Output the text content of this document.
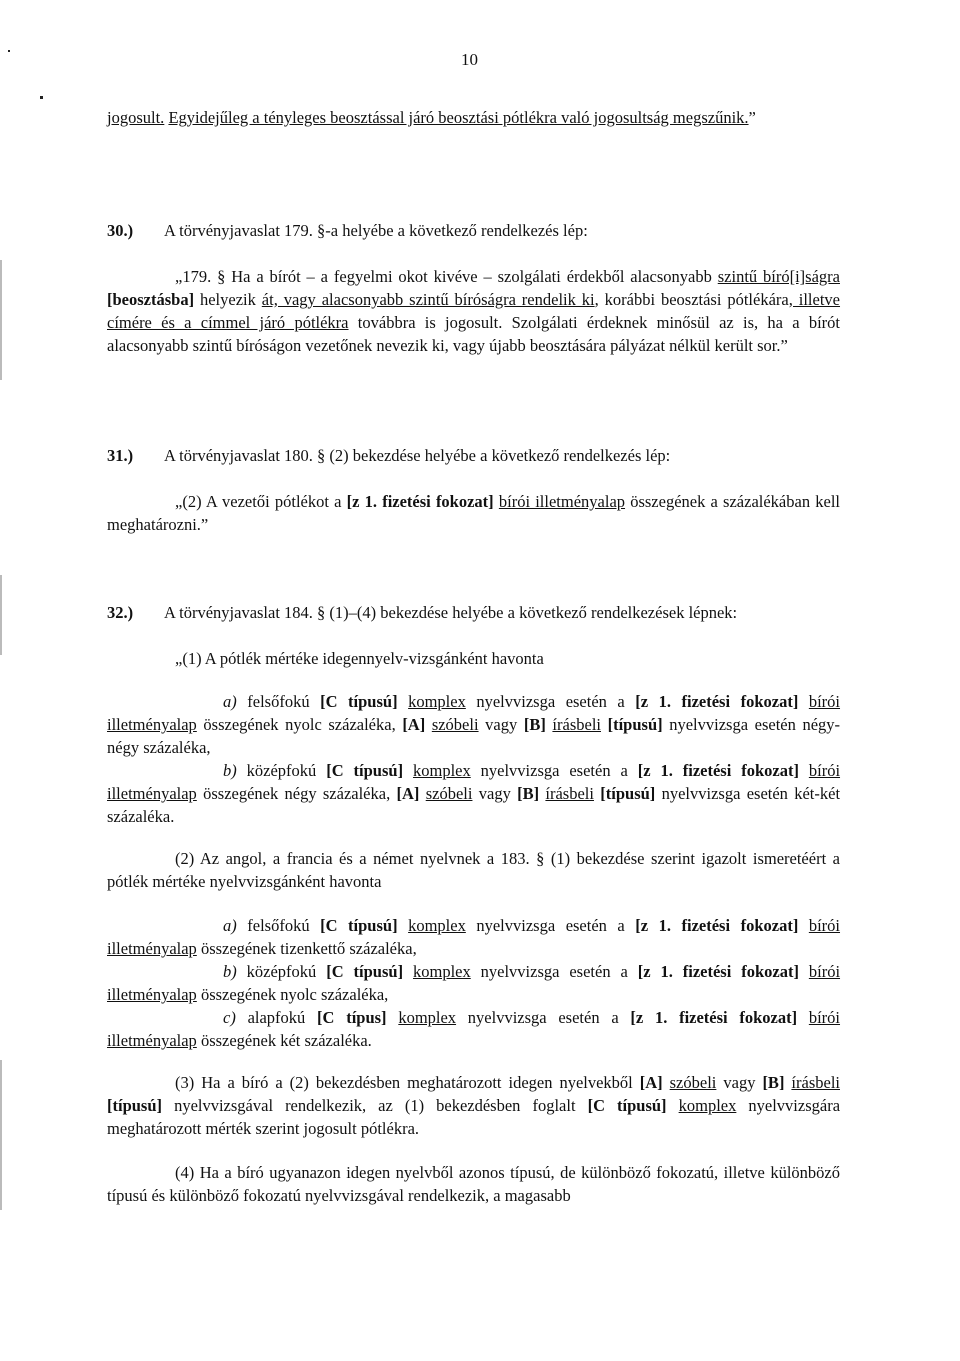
10
jogosult. Egyidejűleg a tényleges beosztással járó beosztási pótlékra való jogosultság megszűnik.”
30.) A törvényjavaslat 179. §-a helyébe a következő rendelkezés lép:
„179. § Ha a bírót – a fegyelmi okot kivéve – szolgálati érdekből alacsonyabb szintű bíró[i]ságra [beosztásba] helyezik át, vagy alacsonyabb szintű bíróságra rendelik ki, korábbi beosztási pótlékára, illetve címére és a címmel járó pótlékra továbbra is jogosult. Szolgálati érdeknek minősül az is, ha a bírót alacsonyabb szintű bíróságon vezetőnek nevezik ki, vagy újabb beosztására pályázat nélkül került sor.”
31.) A törvényjavaslat 180. § (2) bekezdése helyébe a következő rendelkezés lép:
„(2) A vezetői pótlékot a [z 1. fizetési fokozat] bírói illetményalap összegének a százalékában kell meghatározni.”
32.) A törvényjavaslat 184. § (1)–(4) bekezdése helyébe a következő rendelkezések lépnek:
„(1) A pótlék mértéke idegennyelv-vizsgánként havonta
a) felsőfokú [C típusú] komplex nyelvvizsga esetén a [z 1. fizetési fokozat] bírói illetményalap összegének nyolc százaléka, [A] szóbeli vagy [B] írásbeli [típusú] nyelvvizsga esetén négy-négy százaléka,
b) középfokú [C típusú] komplex nyelvvizsga esetén a [z 1. fizetési fokozat] bírói illetményalap összegének négy százaléka, [A] szóbeli vagy [B] írásbeli [típusú] nyelvvizsga esetén két-két százaléka.
(2) Az angol, a francia és a német nyelvnek a 183. § (1) bekezdése szerint igazolt ismeretéért a pótlék mértéke nyelvvizsgánként havonta
a) felsőfokú [C típusú] komplex nyelvvizsga esetén a [z 1. fizetési fokozat] bírói illetményalap összegének tizenkettő százaléka,
b) középfokú [C típusú] komplex nyelvvizsga esetén a [z 1. fizetési fokozat] bírói illetményalap összegének nyolc százaléka,
c) alapfokú [C típus] komplex nyelvvizsga esetén a [z 1. fizetési fokozat] bírói illetményalap összegének két százaléka.
(3) Ha a bíró a (2) bekezdésben meghatározott idegen nyelvekből [A] szóbeli vagy [B] írásbeli [típusú] nyelvvizsgával rendelkezik, az (1) bekezdésben foglalt [C típusú] komplex nyelvvizsgára meghatározott mérték szerint jogosult pótlékra.
(4) Ha a bíró ugyanazon idegen nyelvből azonos típusú, de különböző fokozatú, illetve különböző típusú és különböző fokozatú nyelvvizsgával rendelkezik, a magasabb
